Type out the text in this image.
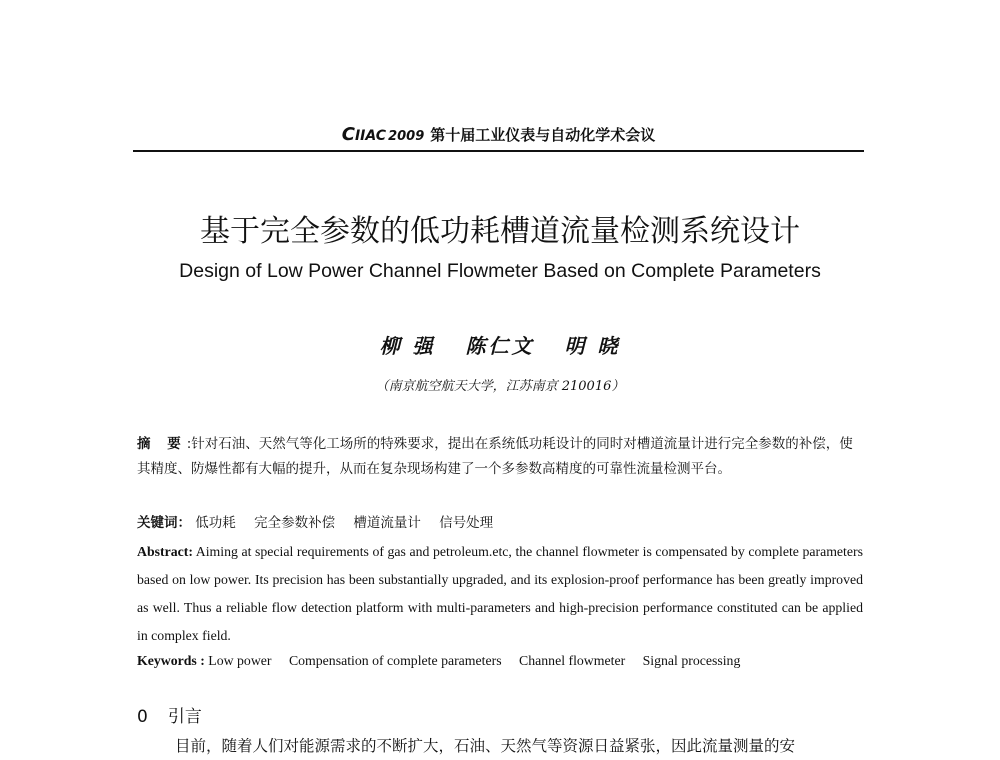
C IIAC 2009 第十届工业仪表与自动化学术会议
基于完全参数的低功耗槽道流量检测系统设计
Design of Low Power Channel Flowmeter Based on Complete Parameters
柳 强 陈仁文 明 晓
（南京航空航天大学，江苏南京 210016）
摘 要:针对石油、天然气等化工场所的特殊要求，提出在系统低功耗设计的同时对槽道流量计进行完全参数的补偿，使其精度、防爆性都有大幅的提升，从而在复杂现场构建了一个多参数高精度的可靠性流量检测平台。
关键词： 低功耗 完全参数补偿 槽道流量计 信号处理
Abstract: Aiming at special requirements of gas and petroleum.etc, the channel flowmeter is compensated by complete parameters based on low power. Its precision has been substantially upgraded, and its explosion-proof performance has been greatly improved as well. Thus a reliable flow detection platform with multi-parameters and high-precision performance constituted can be applied in complex field.
Keywords : Low power Compensation of complete parameters Channel flowmeter Signal processing
0 引言
目前，随着人们对能源需求的不断扩大，石油、天然气等资源日益紧张，因此流量测量的安
